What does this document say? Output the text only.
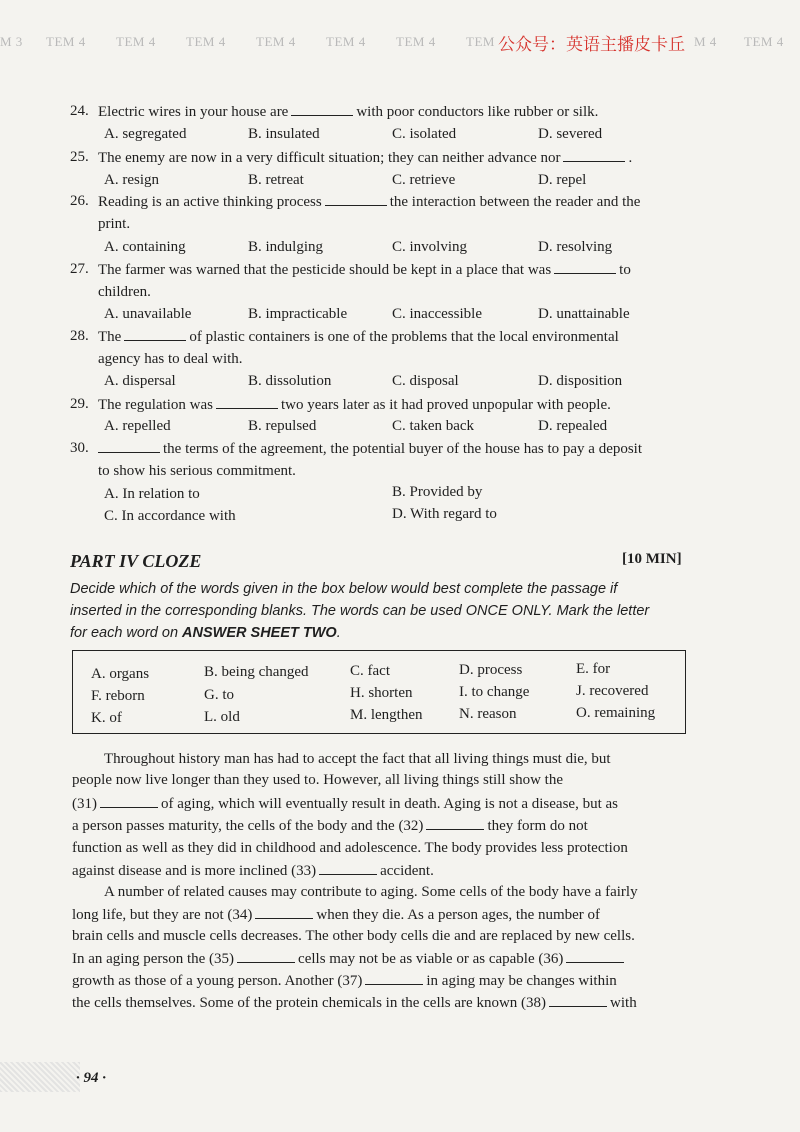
M 3 TEM 4 TEM 4 TEM 4 TEM 4 TEM 4 TEM 4 TEM	M 4 TEM 4
公众号：英语主播皮卡丘
24. Electric wires in your house are	with poor conductors like rubber or silk.
A. segregated	B. insulated	C. isolated	D. severed
25. The enemy are now in a very difficult situation; they can neither advance nor	.
A. resign	B. retreat	C. retrieve	D. repel
26. Reading is an active thinking process	the interaction between the reader and the
print.
A. containing	B. indulging	C. involving	D. resolving
27. The farmer was warned that the pesticide should be kept in a place that was	to
children.
A. unavailable	B. impracticable	C. inaccessible	D. unattainable
28. The	of plastic containers is one of the problems that the local environmental
agency has to deal with.
A. dispersal	B. dissolution	C. disposal	D. disposition
29. The regulation was	two years later as it had proved unpopular with people.
A. repelled	B. repulsed	C. taken back	D. repealed
30.	the terms of the agreement, the potential buyer of the house has to pay a deposit
to show his serious commitment.
A. In relation to	B. Provided by
C. In accordance with	D. With regard to
PART IV CLOZE	[10 MIN]
Decide which of the words given in the box below would best complete the passage if
inserted in the corresponding blanks. The words can be used ONCE ONLY. Mark the letter
for each word on ANSWER SHEET TWO.
A. organs	B. being changed	C. fact	D. process	E. for
F. reborn	G. to	H. shorten	I. to change	J. recovered
K. of	L. old	M. lengthen N. reason	O. remaining
Throughout history man has had to accept the fact that all living things must die, but
people now live longer than they used to. However, all living things still show the
(31)	of aging, which will eventually result in death. Aging is not a disease, but as
a person passes maturity, the cells of the body and the (32)	they form do not
function as well as they did in childhood and adolescence. The body provides less protection
against disease and is more inclined (33)	accident.
A number of related causes may contribute to aging. Some cells of the body have a fairly
long life, but they are not (34)	when they die. As a person ages, the number of
brain cells and muscle cells decreases. The other body cells die and are replaced by new cells.
In an aging person the (35)	cells may not be as viable or as capable (36)
growth as those of a young person. Another (37)	in aging may be changes within
the cells themselves. Some of the protein chemicals in the cells are known (38)	with
· 94 ·
